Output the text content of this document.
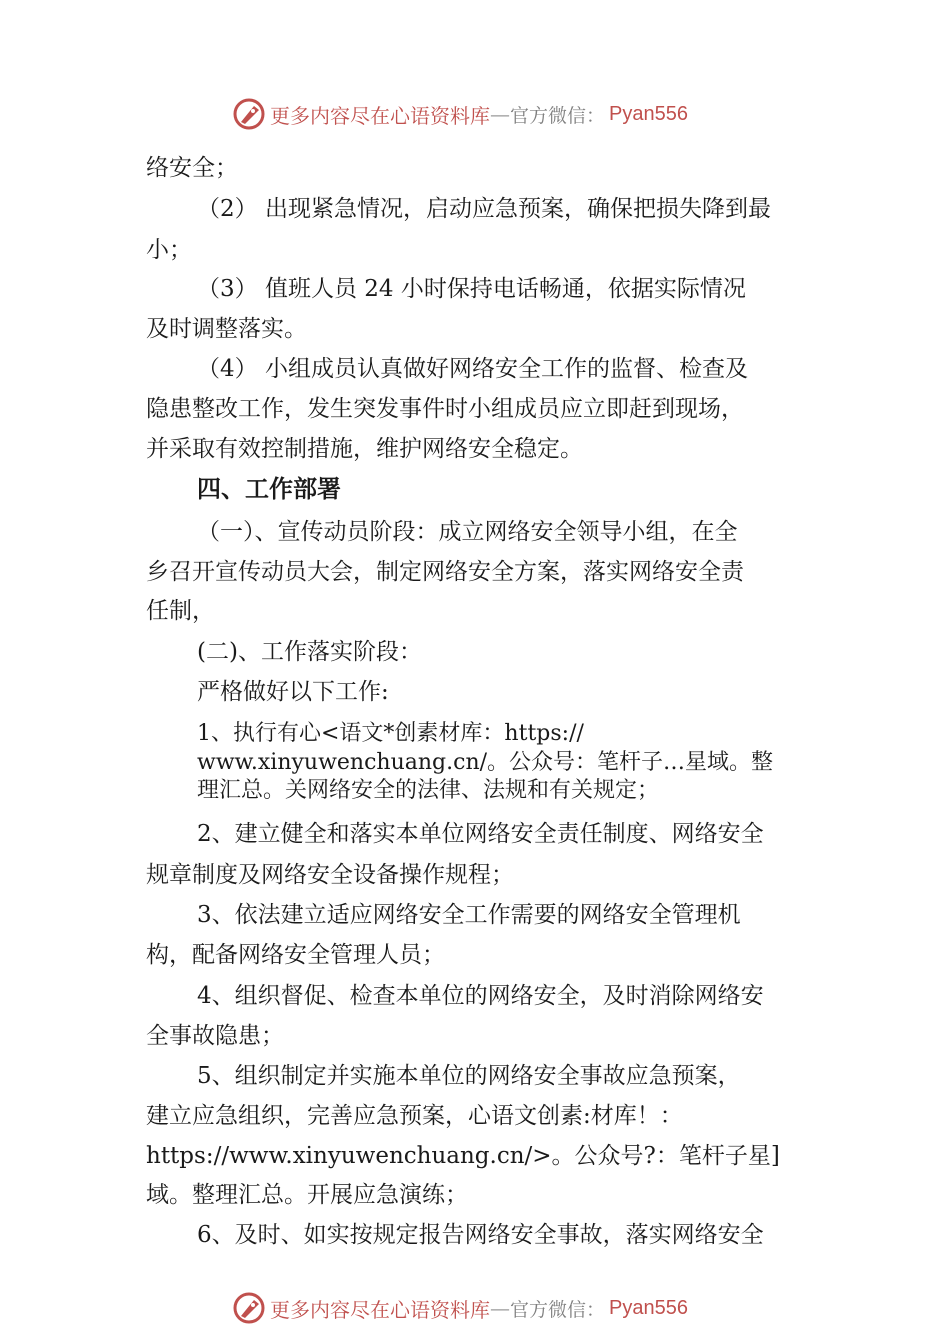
更多内容尽在心语资料库 — 官方微信： Pyan556
络安全；
（2） 出现紧急情况，启动应急预案，确保把损失降到最
小；
（3） 值班人员 24 小时保持电话畅通，依据实际情况
及时调整落实。
（4） 小组成员认真做好网络安全工作的监督、检查及
隐患整改工作，发生突发事件时小组成员应立即赶到现场，
并采取有效控制措施，维护网络安全稳定。
四、工作部署
（一）、宣传动员阶段：成立网络安全领导小组，在全
乡召开宣传动员大会，制定网络安全方案，落实网络安全责
任制，
(二)、工作落实阶段：
严格做好以下工作:
1、执行有心<语文*创素材库：https://
www.xinyuwenchuang.cn/。公众号：笔杆子…星域。整
理汇总。关网络安全的法律、法规和有关规定；
2、建立健全和落实本单位网络安全责任制度、网络安全
规章制度及网络安全设备操作规程；
3、依法建立适应网络安全工作需要的网络安全管理机
构，配备网络安全管理人员；
4、组织督促、检查本单位的网络安全，及时消除网络安
全事故隐患；
5、组织制定并实施本单位的网络安全事故应急预案，
建立应急组织，完善应急预案，心语文创素:材库！：
https://www.xinyuwenchuang.cn/>。公众号?：笔杆子星]
域。整理汇总。开展应急演练；
6、及时、如实按规定报告网络安全事故，落实网络安全
更多内容尽在心语资料库 — 官方微信： Pyan556
